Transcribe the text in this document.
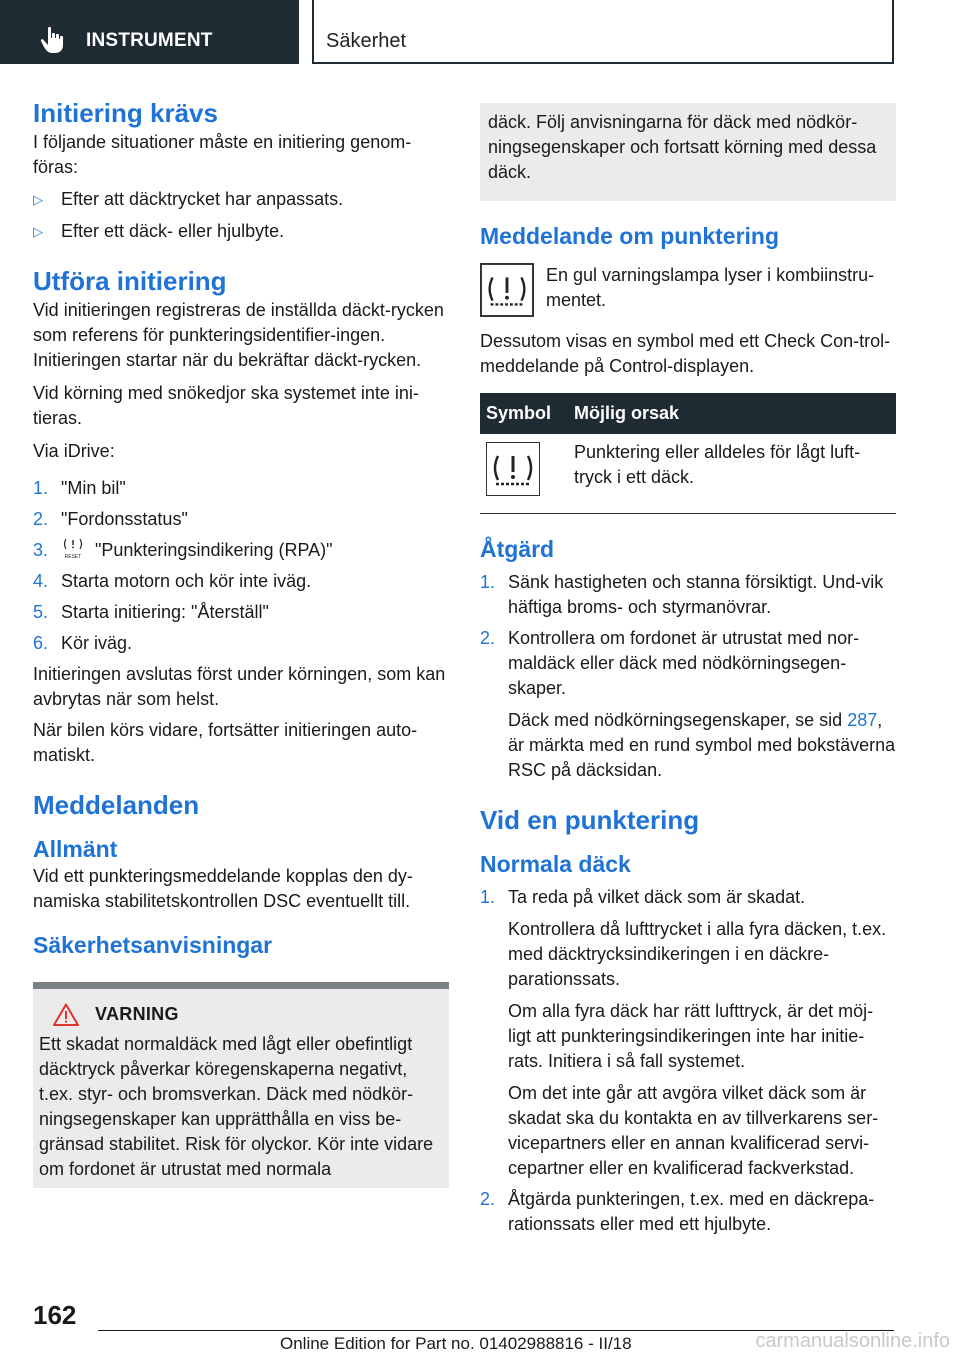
INSTRUMENT	Säkerhet
Initiering krävs

I följande situationer måste en initiering genom-föras:

▷	Efter att däcktrycket har anpassats.
▷	Efter ett däck- eller hjulbyte.
Utföra initiering

Vid initieringen registreras de inställda däckt-rycken som referens för punkteringsidentifier-ingen. Initieringen startar när du bekräftar däckt-rycken.

Vid körning med snökedjor ska systemet inte ini-tieras.

Via iDrive:

1. "Min bil"
2. "Fordonsstatus"
3.	RESET "Punkteringsindikering (RPA)"
4. Starta motorn och kör inte iväg.
5. Starta initiering: "Återställ"
6. Kör iväg.

Initieringen avslutas först under körningen, som kan avbrytas när som helst.

När bilen körs vidare, fortsätter initieringen auto-matiskt.

Meddelanden
Allmänt

Vid ett punkteringsmeddelande kopplas den dy-namiska stabilitetskontrollen DSC eventuellt till.

Säkerhetsanvisningar
VARNING

Ett skadat normaldäck med lågt eller obefintligt däcktryck påverkar köregenskaperna negativt, t.ex. styr- och bromsverkan. Däck med nödkör-ningsegenskaper kan upprätthålla en viss be-gränsad stabilitet. Risk för olyckor. Kör inte vidare om fordonet är utrustat med normala

däck. Följ anvisningarna för däck med nödkör-ningsegenskaper och fortsatt körning med dessa däck.

Meddelande om punktering

En gul varningslampa lyser i kombiinstru-mentet.

Dessutom visas en symbol med ett Check Con-trol-meddelande på Control-displayen.

Symbol	Möjlig orsak
	Punktering eller alldeles för lågt luft-tryck i ett däck.
Åtgärd
1. Sänk hastigheten och stanna försiktigt. Und-vik häftiga broms- och styrmanövrar.
2. Kontrollera om fordonet är utrustat med nor-maldäck eller däck med nödkörningsegen-skaper.

Däck med nödkörningsegenskaper, se sid 287, är märkta med en rund symbol med bokstäverna RSC på däcksidan.

Vid en punktering
Normala däck
1. Ta reda på vilket däck som är skadat.

Kontrollera då lufttrycket i alla fyra däcken, t.ex. med däcktrycksindikeringen i en däckre-parationssats.

Om alla fyra däck har rätt lufttryck, är det möj-ligt att punkteringsindikeringen inte har initie-rats. Initiera i så fall systemet.

Om det inte går att avgöra vilket däck som är skadat ska du kontakta en av tillverkarens ser-vicepartners eller en annan kvalificerad servi-cepartner eller en kvalificerad fackverkstad.

2. Åtgärda punkteringen, t.ex. med en däckrepa-rationssats eller med ett hjulbyte.
162
Online Edition for Part no. 01402988816 - II/18	carmanualsonline.info
